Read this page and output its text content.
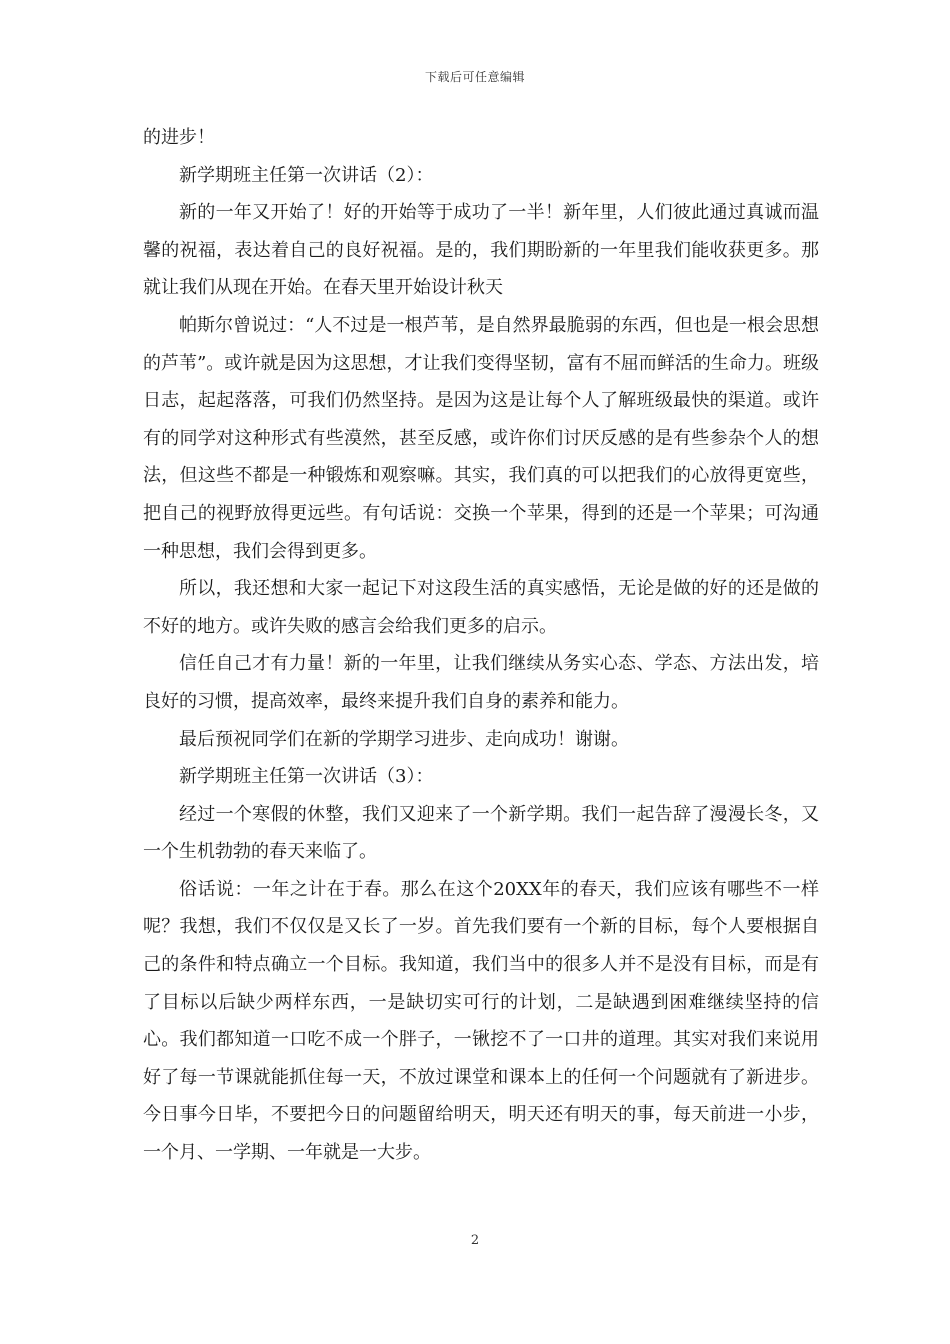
下载后可任意编辑

的进步！

新学期班主任第一次讲话（2）：

新的一年又开始了！好的开始等于成功了一半！新年里，人们彼此通过真诚而温馨的祝福，表达着自己的良好祝福。是的，我们期盼新的一年里我们能收获更多。那就让我们从现在开始。在春天里开始设计秋天

帕斯尔曾说过：“人不过是一根芦苇，是自然界最脆弱的东西，但也是一根会思想的芦苇”。或许就是因为这思想，才让我们变得坚韧，富有不屈而鲜活的生命力。班级日志，起起落落，可我们仍然坚持。是因为这是让每个人了解班级最快的渠道。或许有的同学对这种形式有些漠然，甚至反感，或许你们讨厌反感的是有些参杂个人的想法，但这些不都是一种锻炼和观察嘛。其实，我们真的可以把我们的心放得更宽些，把自己的视野放得更远些。有句话说：交换一个苹果，得到的还是一个苹果；可沟通一种思想，我们会得到更多。

所以，我还想和大家一起记下对这段生活的真实感悟，无论是做的好的还是做的不好的地方。或许失败的感言会给我们更多的启示。

信任自己才有力量！新的一年里，让我们继续从务实心态、学态、方法出发，培良好的习惯，提高效率，最终来提升我们自身的素养和能力。

最后预祝同学们在新的学期学习进步、走向成功！谢谢。

新学期班主任第一次讲话（3）：

经过一个寒假的休整，我们又迎来了一个新学期。我们一起告辞了漫漫长冬，又一个生机勃勃的春天来临了。

俗话说：一年之计在于春。那么在这个20XX年的春天，我们应该有哪些不一样呢？我想，我们不仅仅是又长了一岁。首先我们要有一个新的目标，每个人要根据自己的条件和特点确立一个目标。我知道，我们当中的很多人并不是没有目标，而是有了目标以后缺少两样东西，一是缺切实可行的计划，二是缺遇到困难继续坚持的信心。我们都知道一口吃不成一个胖子，一锹挖不了一口井的道理。其实对我们来说用好了每一节课就能抓住每一天，不放过课堂和课本上的任何一个问题就有了新进步。今日事今日毕，不要把今日的问题留给明天，明天还有明天的事，每天前进一小步，一个月、一学期、一年就是一大步。

2
